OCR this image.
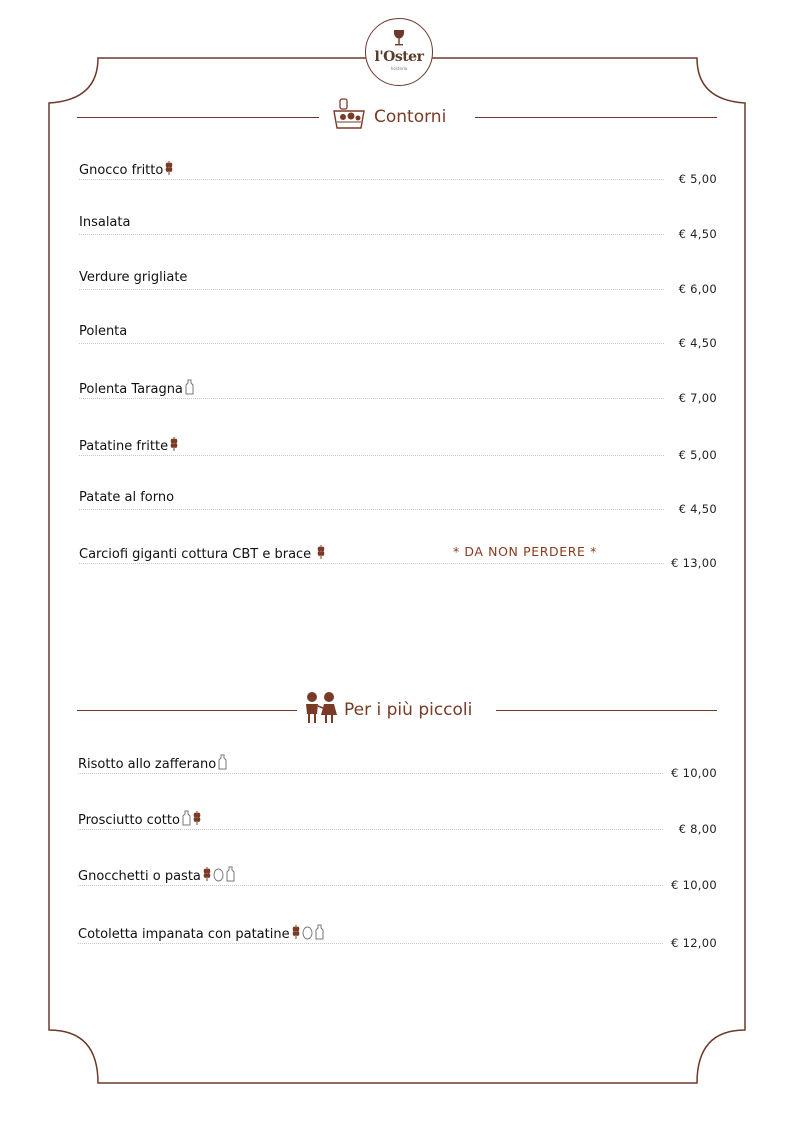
l'Oster
hosteria
Contorni
Gnocco fritto
€ 5,00
Insalata
€ 4,50
Verdure grigliate
€ 6,00
Polenta
€ 4,50
Polenta Taragna
€ 7,00
Patatine fritte
€ 5,00
Patate al forno
€ 4,50
Carciofi giganti cottura CBT e brace	* DA NON PERDERE *
€ 13,00
Per i più piccoli
Risotto allo zafferano
€ 10,00
Prosciutto cotto
€ 8,00
Gnocchetti o pasta
€ 10,00
Cotoletta impanata con patatine
€ 12,00
